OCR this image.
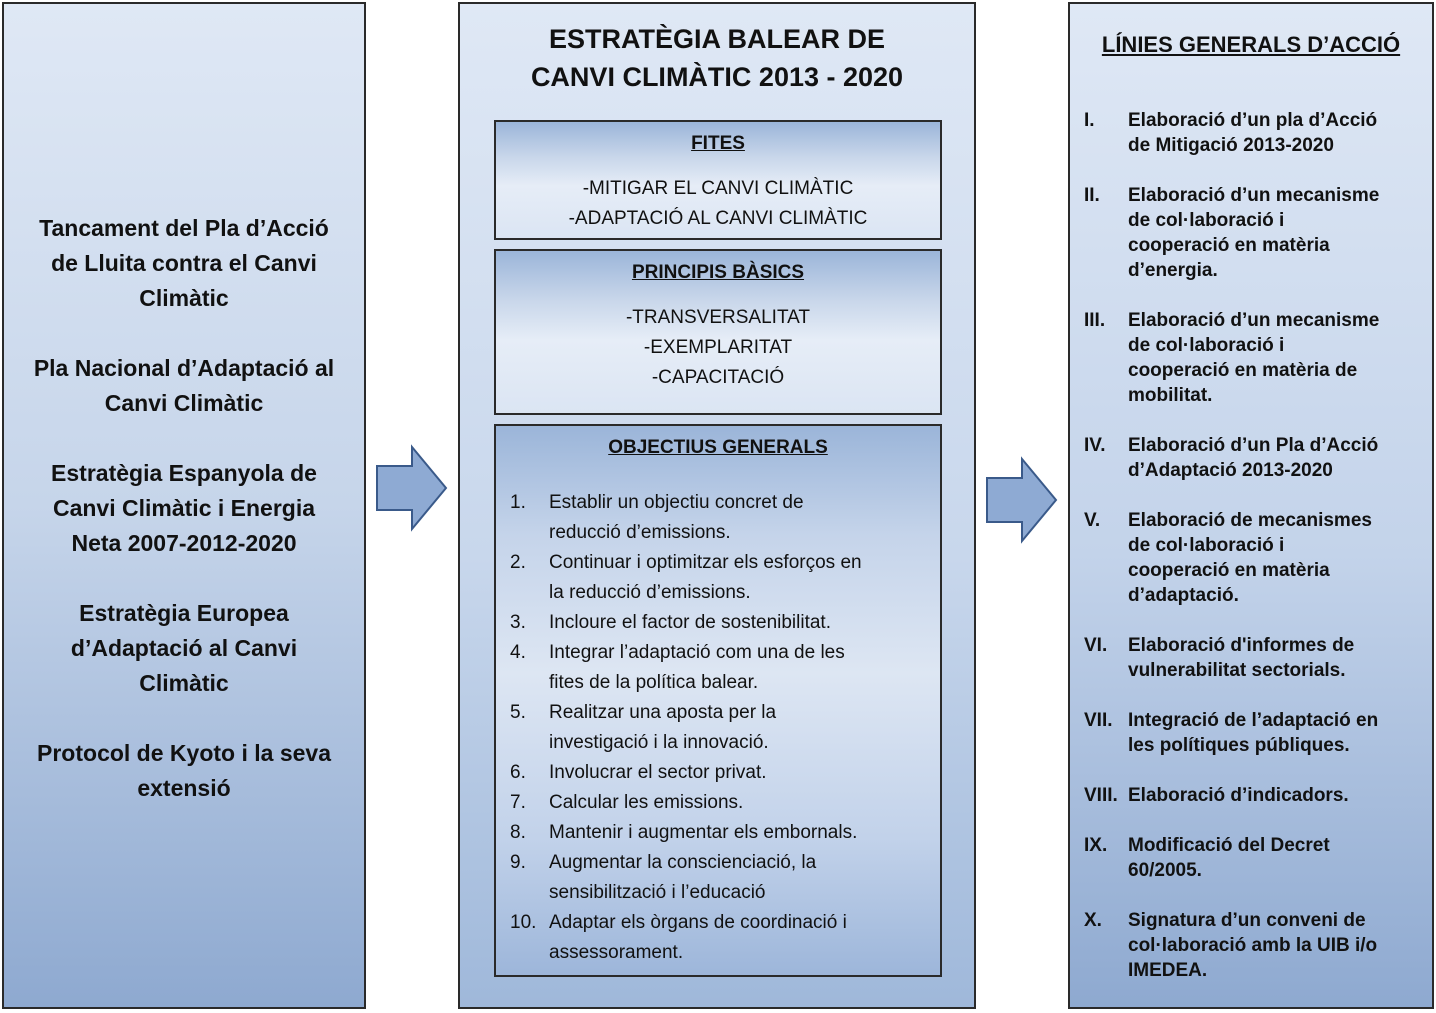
Tancament del Pla d’Acció
de Lluita contra el Canvi
Climàtic
Pla Nacional d’Adaptació al
Canvi Climàtic
Estratègia Espanyola de
Canvi Climàtic i Energia
Neta 2007-2012-2020
Estratègia Europea
d’Adaptació al Canvi
Climàtic
Protocol de Kyoto i la seva
extensió
ESTRATÈGIA BALEAR DE
CANVI CLIMÀTIC 2013 - 2020
FITES
-MITIGAR EL CANVI CLIMÀTIC
-ADAPTACIÓ AL CANVI CLIMÀTIC
PRINCIPIS BÀSICS
-TRANSVERSALITAT
-EXEMPLARITAT
-CAPACITACIÓ
OBJECTIUS GENERALS
1.	Establir un objectiu concret de
reducció d’emissions.
2.	Continuar i optimitzar els esforços en
la reducció d’emissions.
3.	Incloure el factor de sostenibilitat.
4.	Integrar l’adaptació com una de les
fites de la política balear.
5.	Realitzar una aposta per la
investigació i la innovació.
6.	Involucrar el sector privat.
7.	Calcular les emissions.
8.	Mantenir i augmentar els embornals.
9.	Augmentar la conscienciació, la
sensibilització i l’educació
10. Adaptar els òrgans de coordinació i
assessorament.
LÍNIES GENERALS D’ACCIÓ
I.	Elaboració d’un pla d’Acció
de Mitigació 2013-2020
II.	Elaboració d’un mecanisme
de col·laboració i
cooperació en matèria
d’energia.
III.	Elaboració d’un mecanisme
de col·laboració i
cooperació en matèria de
mobilitat.
IV.	Elaboració d’un Pla d’Acció
d’Adaptació 2013-2020
V.	Elaboració de mecanismes
de col·laboració i
cooperació en matèria
d’adaptació.
VI.	Elaboració d'informes de
vulnerabilitat sectorials.
VII. Integració de l’adaptació en
les polítiques públiques.
VIII. Elaboració d’indicadors.
IX.	Modificació del Decret
60/2005.
X.	Signatura d’un conveni de
col·laboració amb la UIB i/o
IMEDEA.
